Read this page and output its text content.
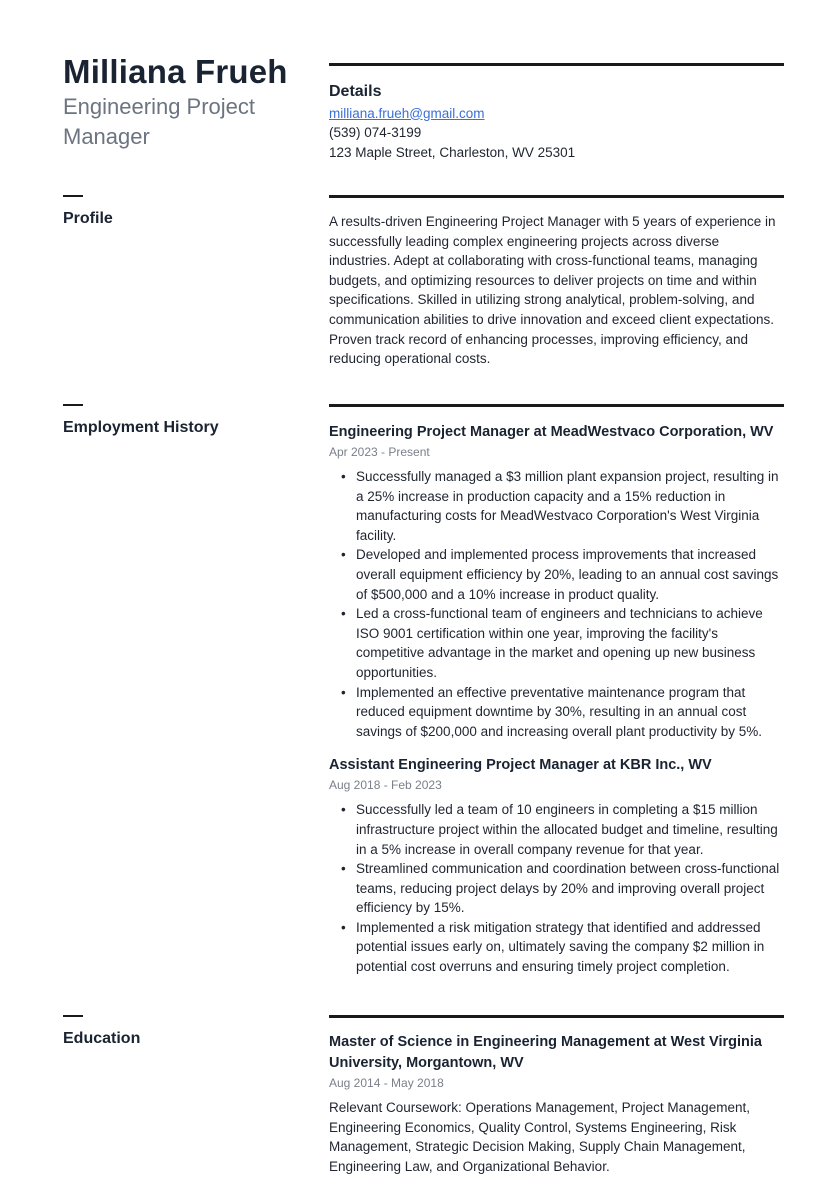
Milliana Frueh

Engineering Project Manager

Details

milliana.frueh@gmail.com
(539) 074-3199
123 Maple Street, Charleston, WV 25301
Profile	A results-driven Engineering Project Manager with 5 years of experience in successfully leading complex engineering projects across diverse industries. Adept at collaborating with cross-functional teams, managing budgets, and optimizing resources to deliver projects on time and within specifications. Skilled in utilizing strong analytical, problem-solving, and communication abilities to drive innovation and exceed client expectations. Proven track record of enhancing processes, improving efficiency, and reducing operational costs.

Employment History	Engineering Project Manager at MeadWestvaco Corporation, WV

Apr 2023 - Present

• Successfully managed a $3 million plant expansion project, resulting in a 25% increase in production capacity and a 15% reduction in manufacturing costs for MeadWestvaco Corporation's West Virginia facility.
• Developed and implemented process improvements that increased overall equipment efficiency by 20%, leading to an annual cost savings of $500,000 and a 10% increase in product quality.
• Led a cross-functional team of engineers and technicians to achieve ISO 9001 certification within one year, improving the facility's competitive advantage in the market and opening up new business opportunities.
• Implemented an effective preventative maintenance program that reduced equipment downtime by 30%, resulting in an annual cost savings of $200,000 and increasing overall plant productivity by 5%.

Assistant Engineering Project Manager at KBR Inc., WV

Aug 2018 - Feb 2023

• Successfully led a team of 10 engineers in completing a $15 million infrastructure project within the allocated budget and timeline, resulting in a 5% increase in overall company revenue for that year.
• Streamlined communication and coordination between cross-functional teams, reducing project delays by 20% and improving overall project efficiency by 15%.
• Implemented a risk mitigation strategy that identified and addressed potential issues early on, ultimately saving the company $2 million in potential cost overruns and ensuring timely project completion.
Education	Master of Science in Engineering Management at West Virginia University, Morgantown, WV

Aug 2014 - May 2018

Relevant Coursework: Operations Management, Project Management, Engineering Economics, Quality Control, Systems Engineering, Risk Management, Strategic Decision Making, Supply Chain Management, Engineering Law, and Organizational Behavior.
